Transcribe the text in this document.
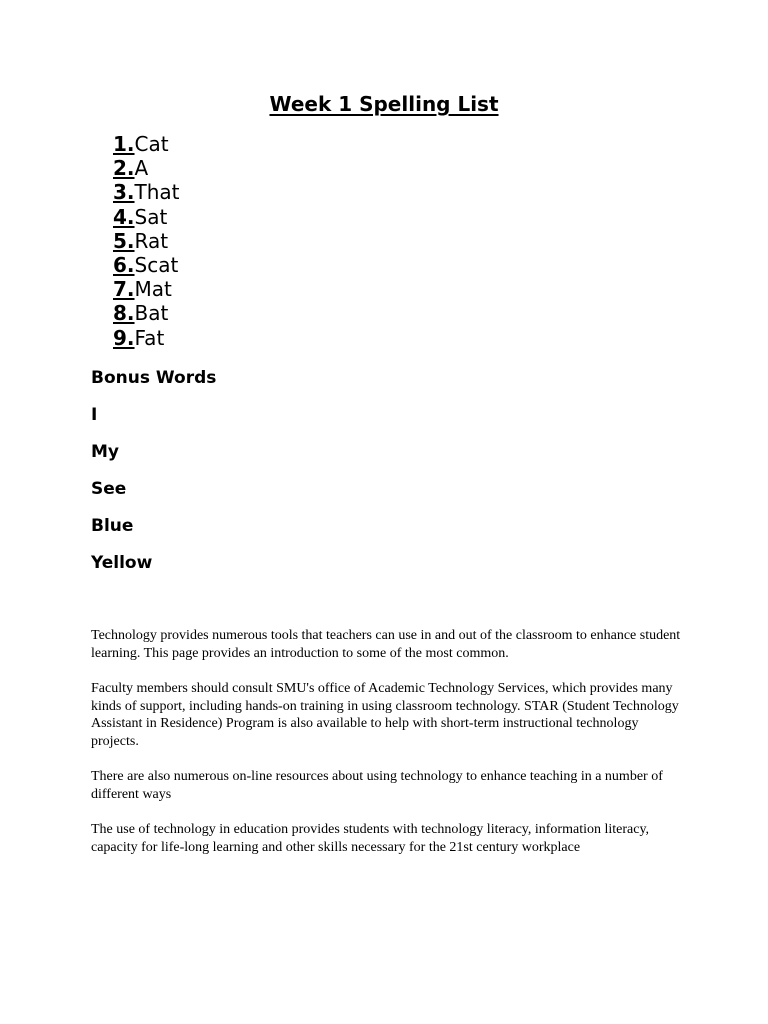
Week 1 Spelling List
1.Cat
2.A
3.That
4.Sat
5.Rat
6.Scat
7.Mat
8.Bat
9.Fat

Bonus Words

I

My

See

Blue

Yellow

Technology provides numerous tools that teachers can use in and out of the classroom to enhance student learning. This page provides an introduction to some of the most common.

Faculty members should consult SMU's office of Academic Technology Services, which provides many kinds of support, including hands-on training in using classroom technology. STAR (Student Technology Assistant in Residence) Program is also available to help with short-term instructional technology projects.

There are also numerous on-line resources about using technology to enhance teaching in a number of different ways

The use of technology in education provides students with technology literacy, information literacy, capacity for life-long learning and other skills necessary for the 21st century workplace
